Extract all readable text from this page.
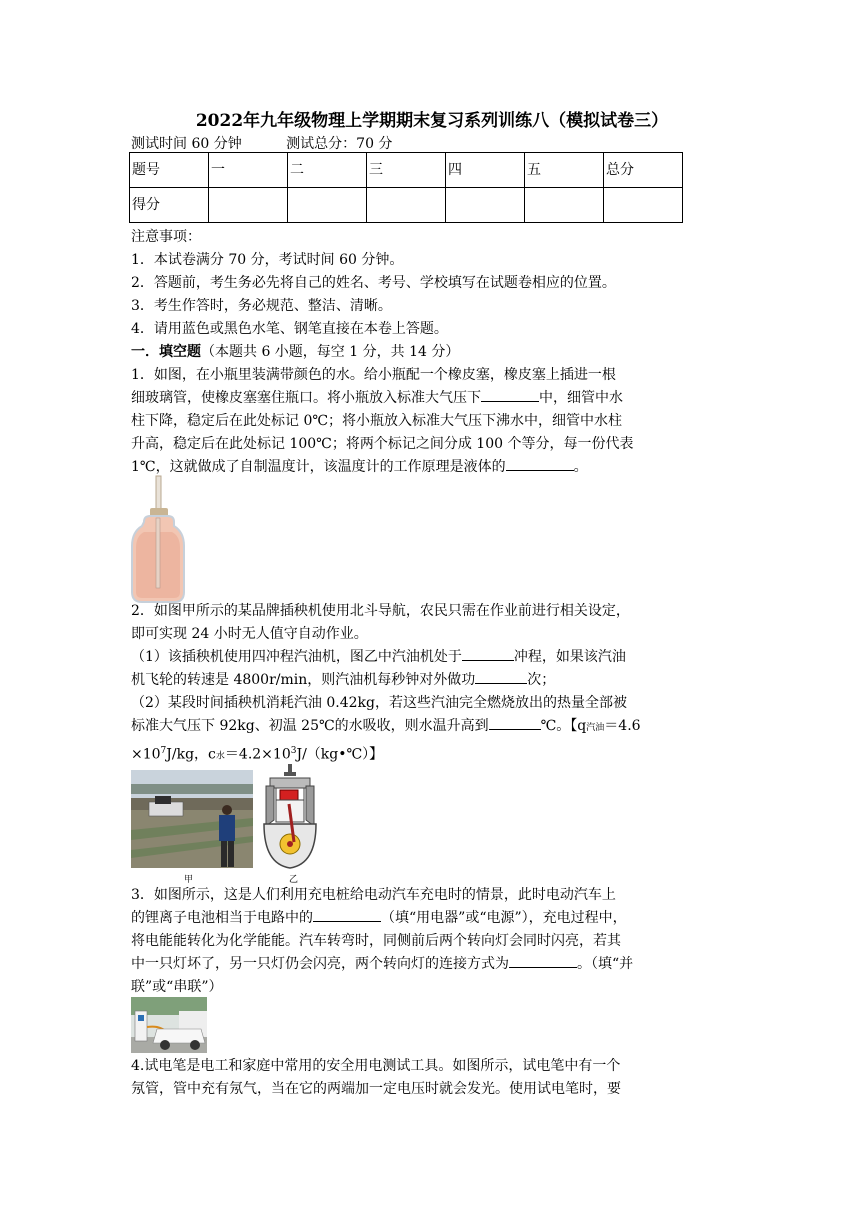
2022年九年级物理上学期期末复习系列训练八（模拟试卷三）
测试时间 60 分钟	测试总分：70 分
题号	一	二	三	四	五	总分
得分						
注意事项：
1．本试卷满分 70 分，考试时间 60 分钟。
2．答题前，考生务必先将自己的姓名、考号、学校填写在试题卷相应的位置。
3．考生作答时，务必规范、整洁、清晰。
4．请用蓝色或黑色水笔、钢笔直接在本卷上答题。
一．填空题（本题共 6 小题，每空 1 分，共 14 分）
1．如图，在小瓶里装满带颜色的水。给小瓶配一个橡皮塞，橡皮塞上插进一根
细玻璃管，使橡皮塞塞住瓶口。将小瓶放入标准大气压下	中，细管中水
柱下降，稳定后在此处标记 0℃；将小瓶放入标准大气压下沸水中，细管中水柱
升高，稳定后在此处标记 100℃；将两个标记之间分成 100 个等分，每一份代表
1℃，这就做成了自制温度计，该温度计的工作原理是液体的	。
2．如图甲所示的某品牌插秧机使用北斗导航，农民只需在作业前进行相关设定，
即可实现 24 小时无人值守自动作业。
（1）该插秧机使用四冲程汽油机，图乙中汽油机处于	冲程，如果该汽油
机飞轮的转速是 4800r/min，则汽油机每秒钟对外做功	次；
（2）某段时间插秧机消耗汽油 0.42kg，若这些汽油完全燃烧放出的热量全部被
标准大气压下 92kg、初温 25℃的水吸收，则水温升高到	℃。【q汽油＝4.6
$\times 10^7J/kg$，c水$=4.2\times 10^3J/(kg•℃)$】
甲	乙
3．如图所示，这是人们利用充电桩给电动汽车充电时的情景，此时电动汽车上
的锂离子电池相当于电路中的	（填“用电器”或“电源”），充电过程中，
将电能能转化为化学能能。汽车转弯时，同侧前后两个转向灯会同时闪亮，若其
中一只灯坏了，另一只灯仍会闪亮，两个转向灯的连接方式为	。（填“并
联”或“串联”）
4.试电笔是电工和家庭中常用的安全用电测试工具。如图所示，试电笔中有一个
氖管，管中充有氖气，当在它的两端加一定电压时就会发光。使用试电笔时，要
